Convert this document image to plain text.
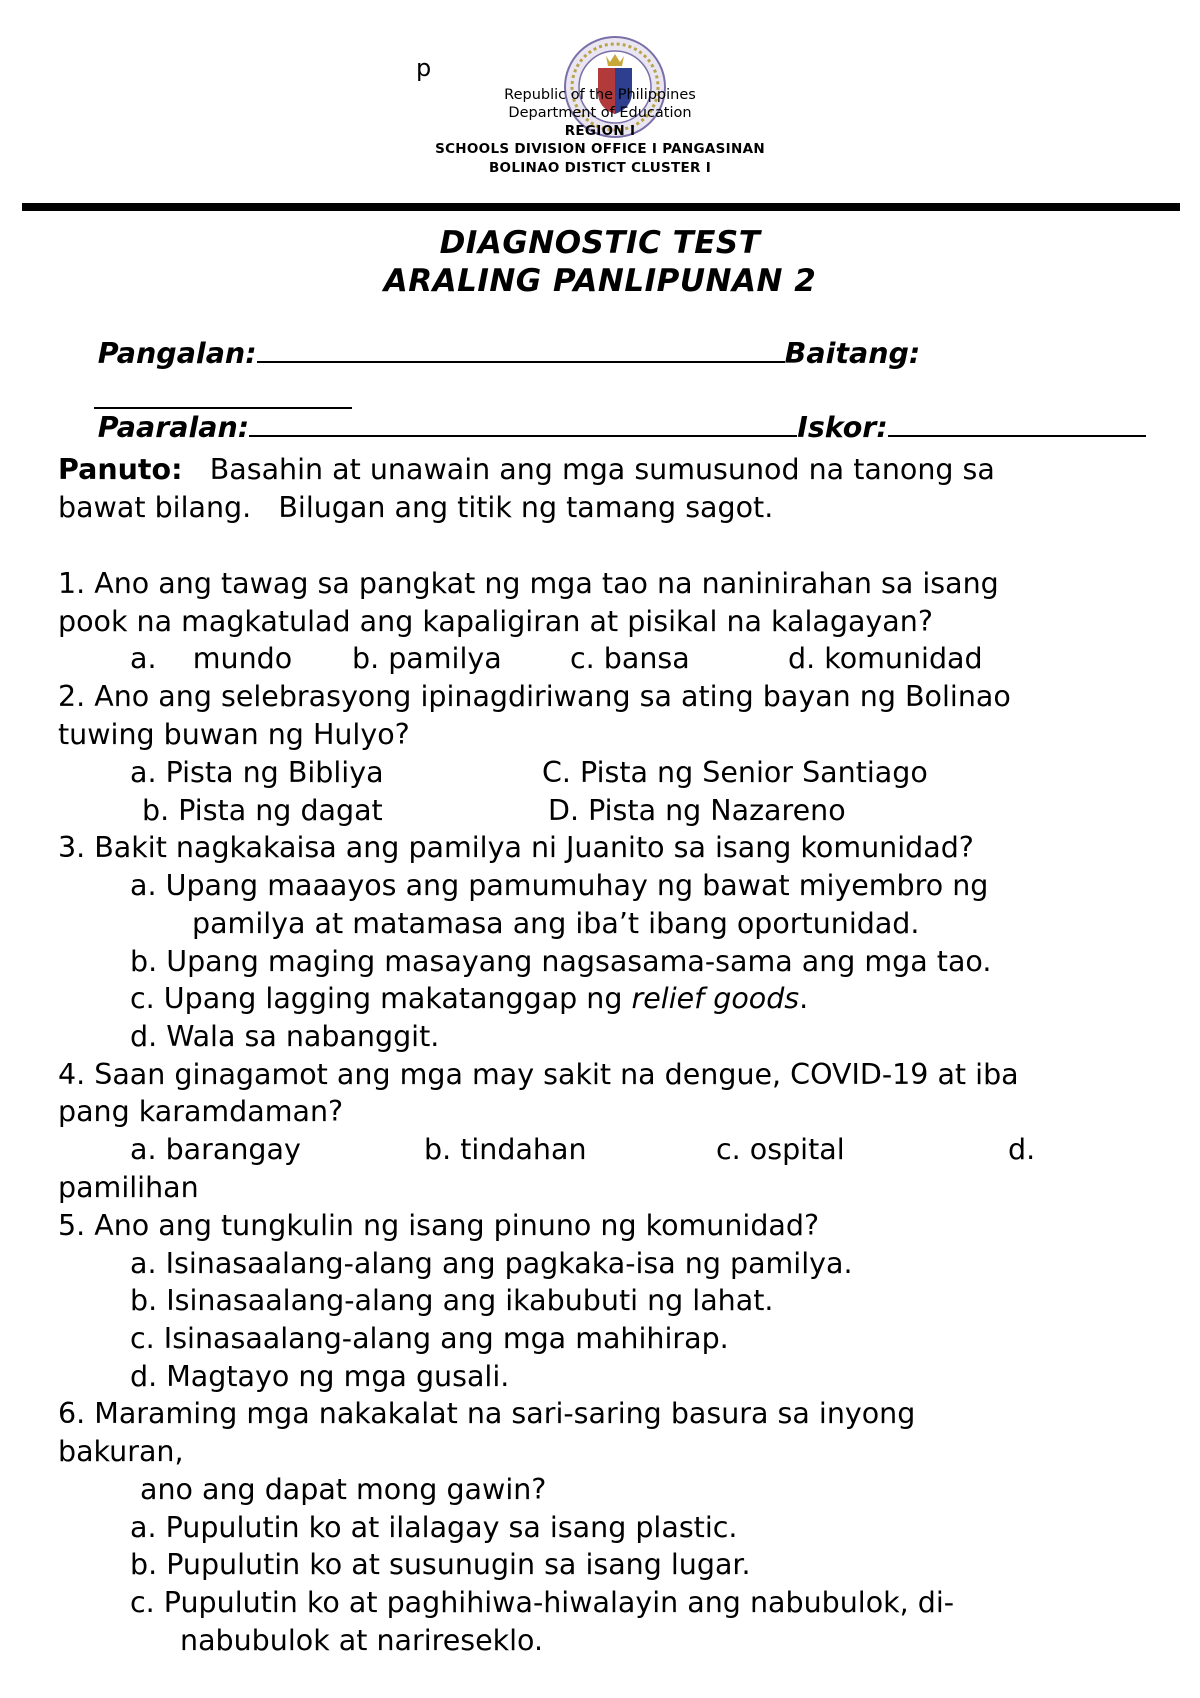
p
Republic of the Philippines
Department of Education
REGION I
SCHOOLS DIVISION OFFICE I PANGASINAN
BOLINAO DISTICT CLUSTER I
DIAGNOSTIC TEST
ARALING PANLIPUNAN 2

Pangalan:	Baitang:

Paaralan:	Iskor:

Panuto:   Basahin at unawain ang mga sumusunod na tanong sa
bawat bilang.   Bilugan ang titik ng tamang sagot.
1. Ano ang tawag sa pangkat ng mga tao na naninirahan sa isang
pook na magkatulad ang kapaligiran at pisikal na kalagayan?
a.    mundo b. pamilya c. bansa	d. komunidad
2. Ano ang selebrasyong ipinagdiriwang sa ating bayan ng Bolinao
tuwing buwan ng Hulyo?
a. Pista ng Bibliya	C. Pista ng Senior Santiago
b. Pista ng dagat	D. Pista ng Nazareno
3. Bakit nagkakaisa ang pamilya ni Juanito sa isang komunidad?
a. Upang maaayos ang pamumuhay ng bawat miyembro ng
pamilya at matamasa ang iba’t ibang oportunidad.
b. Upang maging masayang nagsasama-sama ang mga tao.
c. Upang lagging makatanggap ng relief goods.
d. Wala sa nabanggit.
4. Saan ginagamot ang mga may sakit na dengue, COVID-19 at iba
pang karamdaman?
a. barangay	b. tindahan	c. ospital	d.
pamilihan
5. Ano ang tungkulin ng isang pinuno ng komunidad?
a. Isinasaalang-alang ang pagkaka-isa ng pamilya.
b. Isinasaalang-alang ang ikabubuti ng lahat.
c. Isinasaalang-alang ang mga mahihirap.
d. Magtayo ng mga gusali.
6. Maraming mga nakakalat na sari-saring basura sa inyong
bakuran,
ano ang dapat mong gawin?
a. Pupulutin ko at ilalagay sa isang plastic.
b. Pupulutin ko at susunugin sa isang lugar.
c. Pupulutin ko at paghihiwa-hiwalayin ang nabubulok, di-
nabubulok at narireseklo.
